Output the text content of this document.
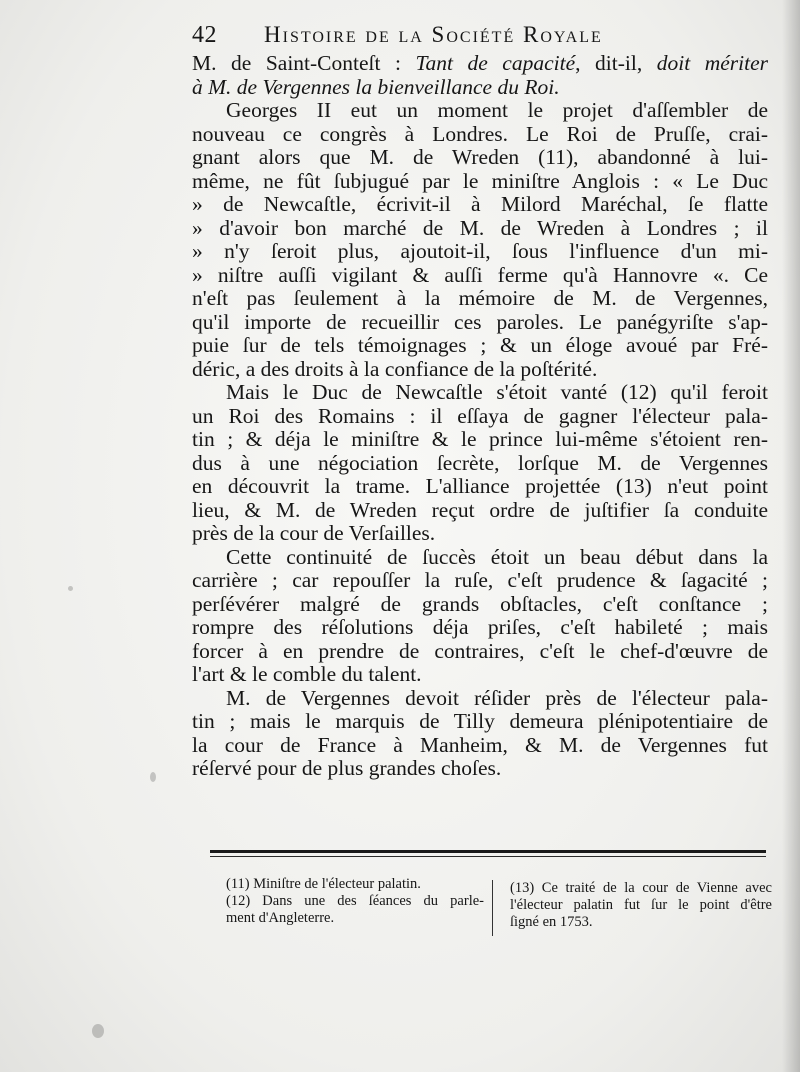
42 Histoire de la Société Royale
M. de Saint-Conteſt : Tant de capacité, dit-il, doit mériter
à M. de Vergennes la bienveillance du Roi.
Georges II eut un moment le projet d'aſſembler de
nouveau ce congrès à Londres. Le Roi de Pruſſe, crai-
gnant alors que M. de Wreden (11), abandonné à lui-
même, ne fût ſubjugué par le miniſtre Anglois : « Le Duc
» de Newcaſtle, écrivit-il à Milord Maréchal, ſe flatte
» d'avoir bon marché de M. de Wreden à Londres ; il
» n'y ſeroit plus, ajoutoit-il, ſous l'influence d'un mi-
» niſtre auſſi vigilant & auſſi ferme qu'à Hannovre «. Ce
n'eſt pas ſeulement à la mémoire de M. de Vergennes,
qu'il importe de recueillir ces paroles. Le panégyriſte s'ap-
puie ſur de tels témoignages ; & un éloge avoué par Fré-
déric, a des droits à la confiance de la poſtérité.
Mais le Duc de Newcaſtle s'étoit vanté (12) qu'il feroit
un Roi des Romains : il eſſaya de gagner l'électeur pala-
tin ; & déja le miniſtre & le prince lui-même s'étoient ren-
dus à une négociation ſecrète, lorſque M. de Vergennes
en découvrit la trame. L'alliance projettée (13) n'eut point
lieu, & M. de Wreden reçut ordre de juſtifier ſa conduite
près de la cour de Verſailles.
Cette continuité de ſuccès étoit un beau début dans la
carrière ; car repouſſer la ruſe, c'eſt prudence & ſagacité ;
perſévérer malgré de grands obſtacles, c'eſt conſtance ;
rompre des réſolutions déja priſes, c'eſt habileté ; mais
forcer à en prendre de contraires, c'eſt le chef-d'œuvre de
l'art & le comble du talent.
M. de Vergennes devoit réſider près de l'électeur pala-
tin ; mais le marquis de Tilly demeura plénipotentiaire de
la cour de France à Manheim, & M. de Vergennes fut
réſervé pour de plus grandes choſes.
(11) Miniſtre de l'électeur palatin.
(12) Dans une des ſéances du parle-
ment d'Angleterre.
(13) Ce traité de la cour de Vienne avec
l'électeur palatin fut ſur le point d'être
ſigné en 1753.
